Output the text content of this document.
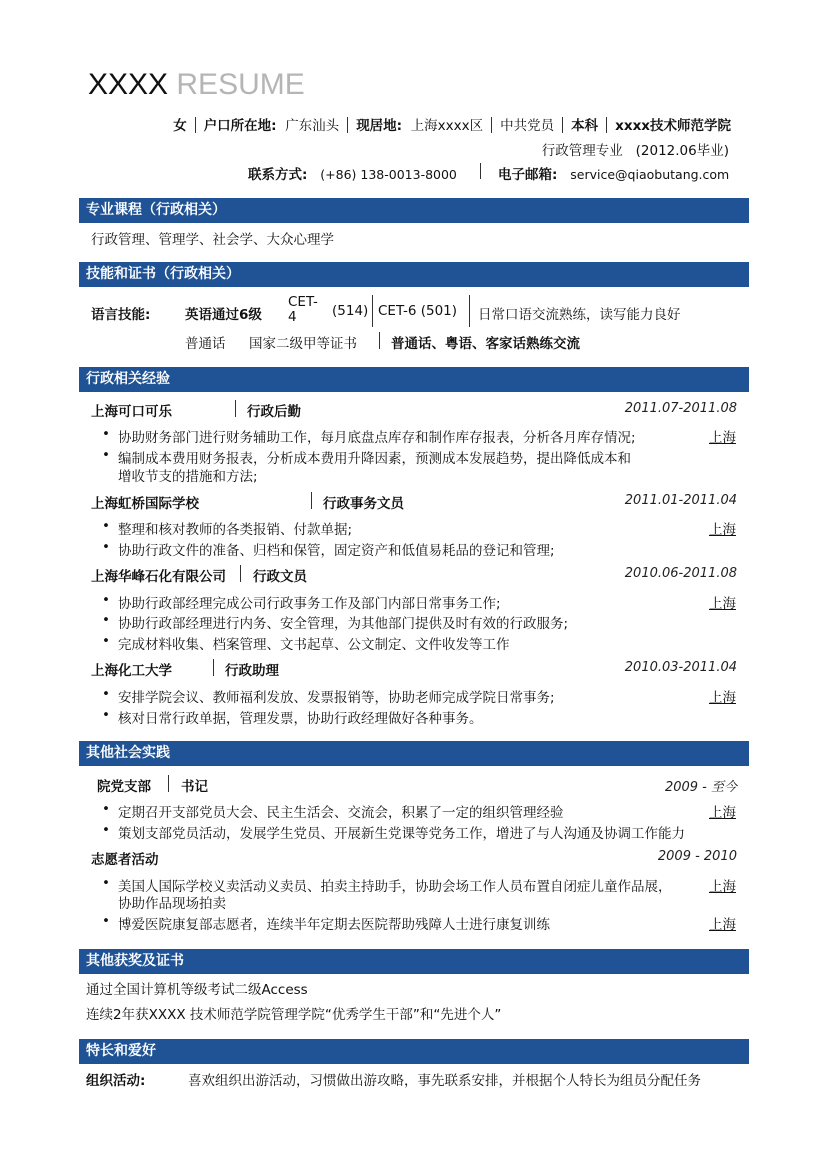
XXXX RESUME
女 户口所在地: 广东汕头 现居地: 上海xxxx区 中共党员 本科 xxxx技术师范学院
行政管理专业 (2012.06毕业)
联系方式: (+86) 138-0013-8000	电子邮箱: service@qiaobutang.com
专业课程（行政相关）
行政管理、管理学、社会学、大众心理学
技能和证书（行政相关）
语言技能:	英语通过6级
CET-
4	(514) CET-6 (501) 日常口语交流熟练，读写能力良好
普通话 国家二级甲等证书	普通话、粤语、客家话熟练交流
行政相关经验
上海可口可乐	行政后勤	2011.07-2011.08
• 协助财务部门进行财务辅助工作，每月底盘点库存和制作库存报表，分析各月库存情况;	上海
• 编制成本费用财务报表，分析成本费用升降因素，预测成本发展趋势，提出降低成本和
增收节支的措施和方法;
上海虹桥国际学校	行政事务文员	2011.01-2011.04
• 整理和核对教师的各类报销、付款单据;	上海
• 协助行政文件的准备、归档和保管，固定资产和低值易耗品的登记和管理;
上海华峰石化有限公司 行政文员	2010.06-2011.08
• 协助行政部经理完成公司行政事务工作及部门内部日常事务工作;	上海
• 协助行政部经理进行内务、安全管理，为其他部门提供及时有效的行政服务;
• 完成材料收集、档案管理、文书起草、公文制定、文件收发等工作
上海化工大学	行政助理	2010.03-2011.04
• 安排学院会议、教师福利发放、发票报销等，协助老师完成学院日常事务;	上海
• 核对日常行政单据，管理发票，协助行政经理做好各种事务。
其他社会实践
院党支部 书记	2009 - 至今
• 定期召开支部党员大会、民主生活会、交流会，积累了一定的组织管理经验	上海
• 策划支部党员活动，发展学生党员、开展新生党课等党务工作，增进了与人沟通及协调工作能力
志愿者活动	2009 - 2010
• 美国人国际学校义卖活动义卖员、拍卖主持助手，协助会场工作人员布置自闭症儿童作品展，	上海
协助作品现场拍卖
• 博爱医院康复部志愿者，连续半年定期去医院帮助残障人士进行康复训练	上海
其他获奖及证书
通过全国计算机等级考试二级Access
连续2年获XXXX 技术师范学院管理学院“优秀学生干部”和“先进个人”
特长和爱好
组织活动:	喜欢组织出游活动，习惯做出游攻略，事先联系安排，并根据个人特长为组员分配任务
